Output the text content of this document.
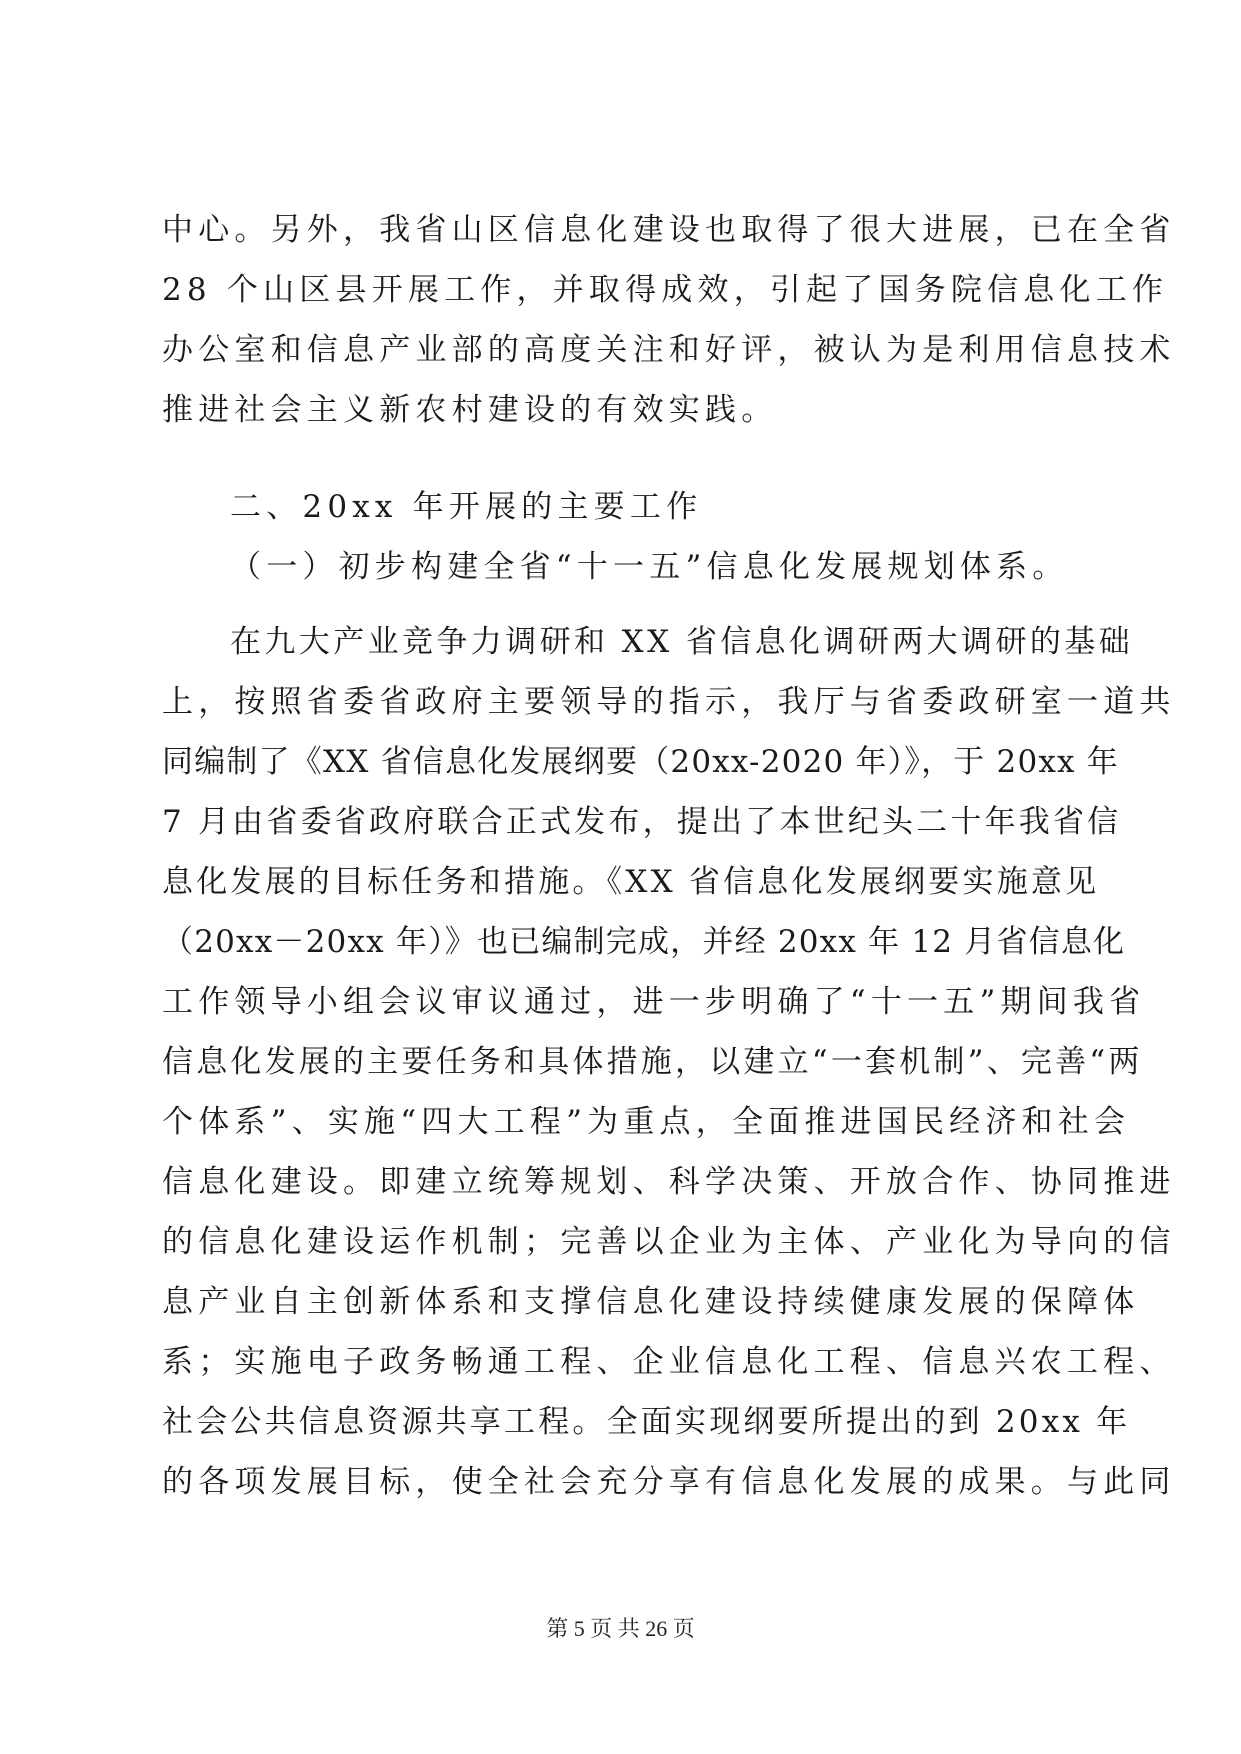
中心。另外，我省山区信息化建设也取得了很大进展，已在全省
28 个山区县开展工作，并取得成效，引起了国务院信息化工作
办公室和信息产业部的高度关注和好评，被认为是利用信息技术
推进社会主义新农村建设的有效实践。
二、20xx 年开展的主要工作
（一）初步构建全省“十一五”信息化发展规划体系。
在九大产业竞争力调研和 XX 省信息化调研两大调研的基础
上，按照省委省政府主要领导的指示，我厅与省委政研室一道共
同编制了《XX 省信息化发展纲要（20xx-2020 年）》，于 20xx 年
7 月由省委省政府联合正式发布，提出了本世纪头二十年我省信
息化发展的目标任务和措施。《XX 省信息化发展纲要实施意见
（20xx－20xx 年）》也已编制完成，并经 20xx 年 12 月省信息化
工作领导小组会议审议通过，进一步明确了“十一五”期间我省
信息化发展的主要任务和具体措施，以建立“一套机制”、完善“两
个体系”、实施“四大工程”为重点，全面推进国民经济和社会
信息化建设。即建立统筹规划、科学决策、开放合作、协同推进
的信息化建设运作机制；完善以企业为主体、产业化为导向的信
息产业自主创新体系和支撑信息化建设持续健康发展的保障体
系；实施电子政务畅通工程、企业信息化工程、信息兴农工程、
社会公共信息资源共享工程。全面实现纲要所提出的到 20xx 年
的各项发展目标，使全社会充分享有信息化发展的成果。与此同
第 5 页 共 26 页
